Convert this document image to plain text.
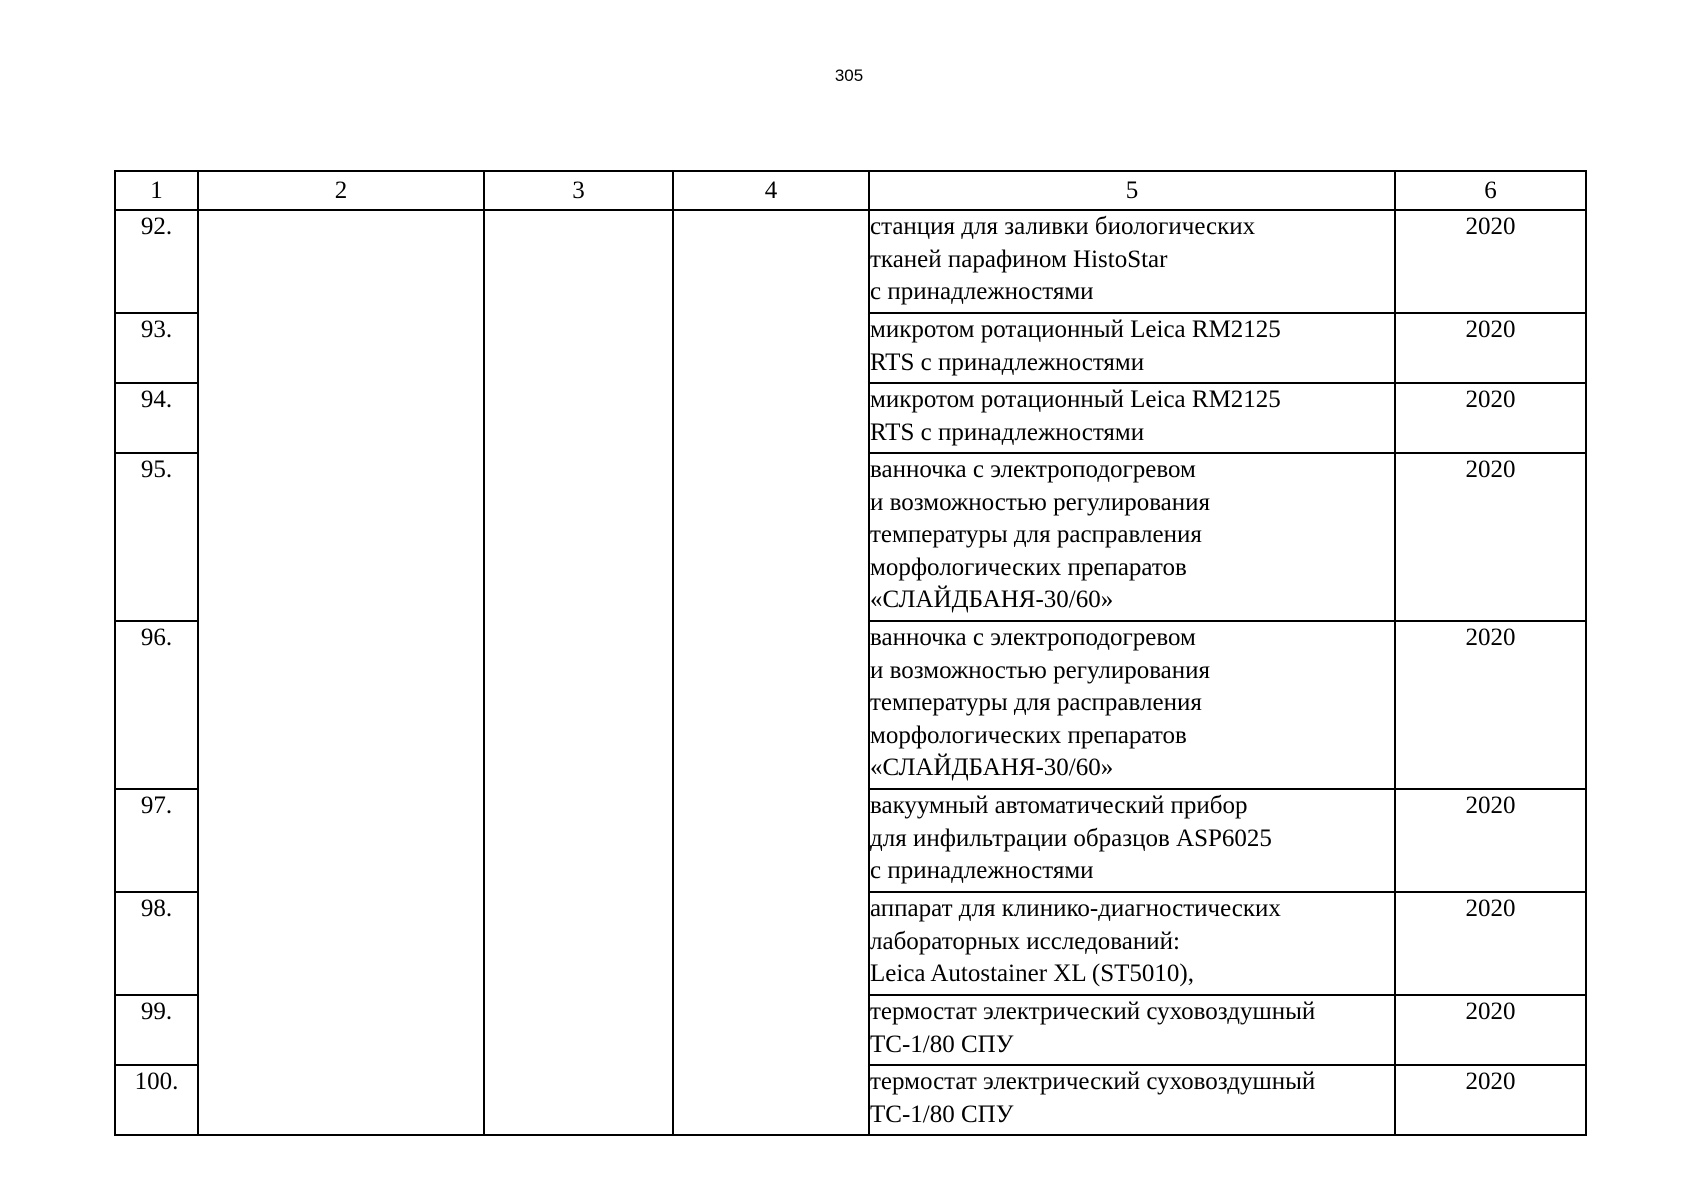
305
1	2	3	4	5	6
92.				станция для заливки биологических
тканей парафином HistoStar
с принадлежностями	2020
93.				микротом ротационный Leica RM2125
RTS с принадлежностями	2020
94.				микротом ротационный Leica RM2125
RTS с принадлежностями	2020
95.				ванночка с электроподогревом
и возможностью регулирования
температуры для расправления
морфологических препаратов
«СЛАЙДБАНЯ-30/60»	2020
96.				ванночка с электроподогревом
и возможностью регулирования
температуры для расправления
морфологических препаратов
«СЛАЙДБАНЯ-30/60»	2020
97.				вакуумный автоматический прибор
для инфильтрации образцов ASP6025
с принадлежностями	2020
98.				аппарат для клинико-диагностических
лабораторных исследований:
Leica Autostainer XL (ST5010),	2020
99.				термостат электрический суховоздушный
ТС-1/80 СПУ	2020
100.				термостат электрический суховоздушный
ТС-1/80 СПУ	2020
